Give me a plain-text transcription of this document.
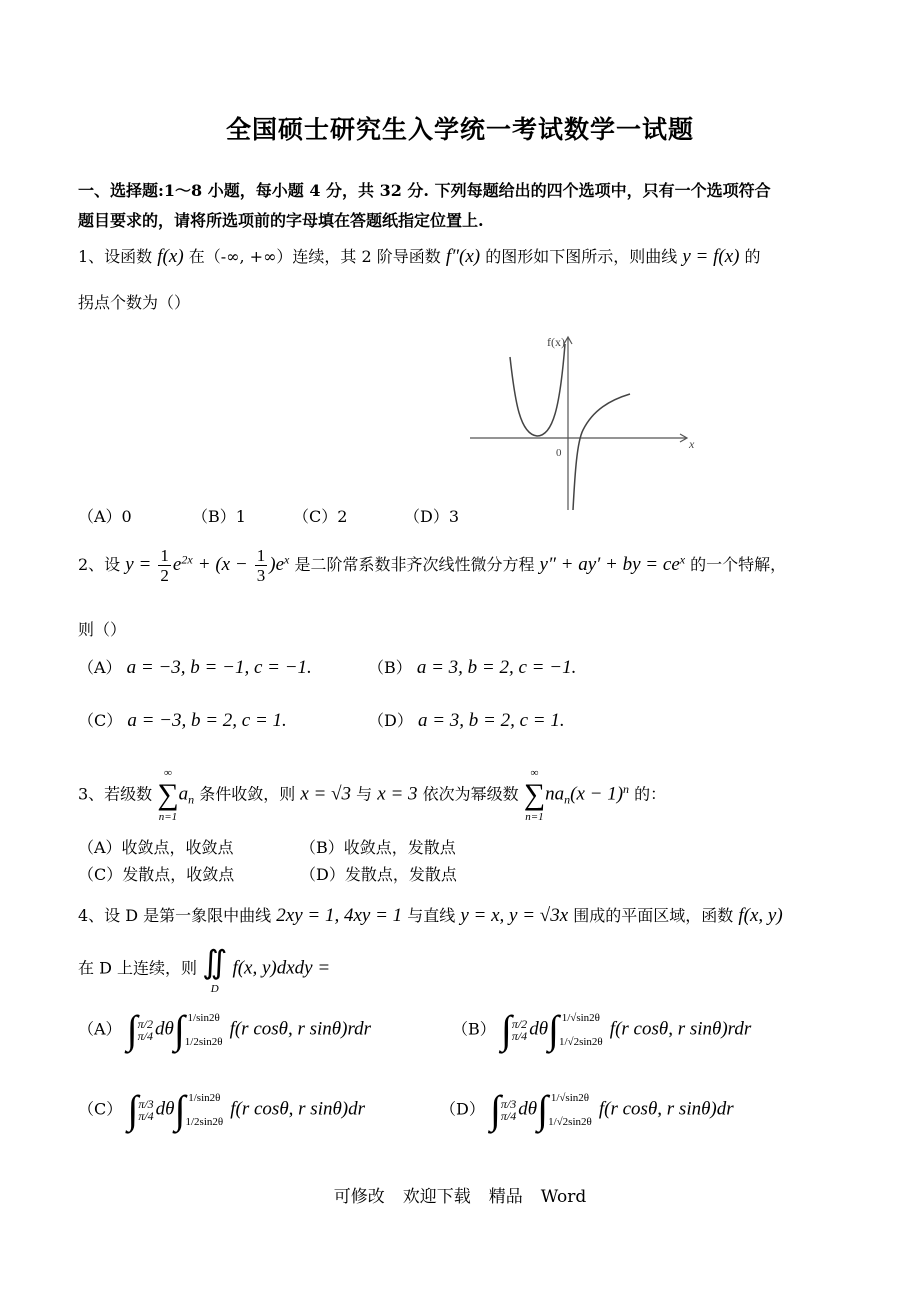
全国硕士研究生入学统一考试数学一试题
一、选择题:1～8 小题，每小题 4 分，共 32 分. 下列每题给出的四个选项中，只有一个选项符合
题目要求的，请将所选项前的字母填在答题纸指定位置上.
1、设函数 f(x) 在（-∞, +∞）连续，其 2 阶导函数 f″(x) 的图形如下图所示，则曲线 y = f(x) 的
拐点个数为（）
f(x)
x
0
（A）0	（B）1	（C）2	（D）3
2、设 $y = \frac{1}{2} e^{2x} + (x - \frac{1}{3} )e^x$ 是二阶常系数非齐次线性微分方程 y″ + ay′ + by = $ce^x$ 的一个特解，
则（）
（A） a = −3, b = −1, c = −1.	（B） a = 3, b = 2, c = −1.
（C） a = −3, b = 2, c = 1.	（D） a = 3, b = 2, c = 1.
3、若级数
∞
∑
n=1
$a_n$ 条件收敛，则 x = √3 与 x = 3 依次为幂级数
∞
∑
n=1
$na_n(x - 1)^n$ 的：
（A）收敛点，收敛点	（B）收敛点，发散点
（C）发散点，收敛点	（D）发散点，发散点
4、设 D 是第一象限中曲线 2xy = 1, 4xy = 1 与直线 y = x, y = √3x 围成的平面区域，函数 f(x, y)
在 D 上连续，则 ∬
D
f(x, y)dxdy =
（A） ∫ π/2
π/4 dθ ∫ 1/sin2θ
1/2sin2θ
f(r cosθ, r sinθ)rdr	（B） ∫ π/2
π/4 dθ ∫ 1/√sin2θ
1/√2sin2θ
f(r cosθ, r sinθ)rdr
（C） ∫ π/3
π/4 dθ ∫ 1/sin2θ
1/2sin2θ
f(r cosθ, r sinθ)dr	（D） ∫ π/3
π/4 dθ ∫ 1/√sin2θ
1/√2sin2θ
f(r cosθ, r sinθ)dr
可修改 欢迎下载 精品 Word
